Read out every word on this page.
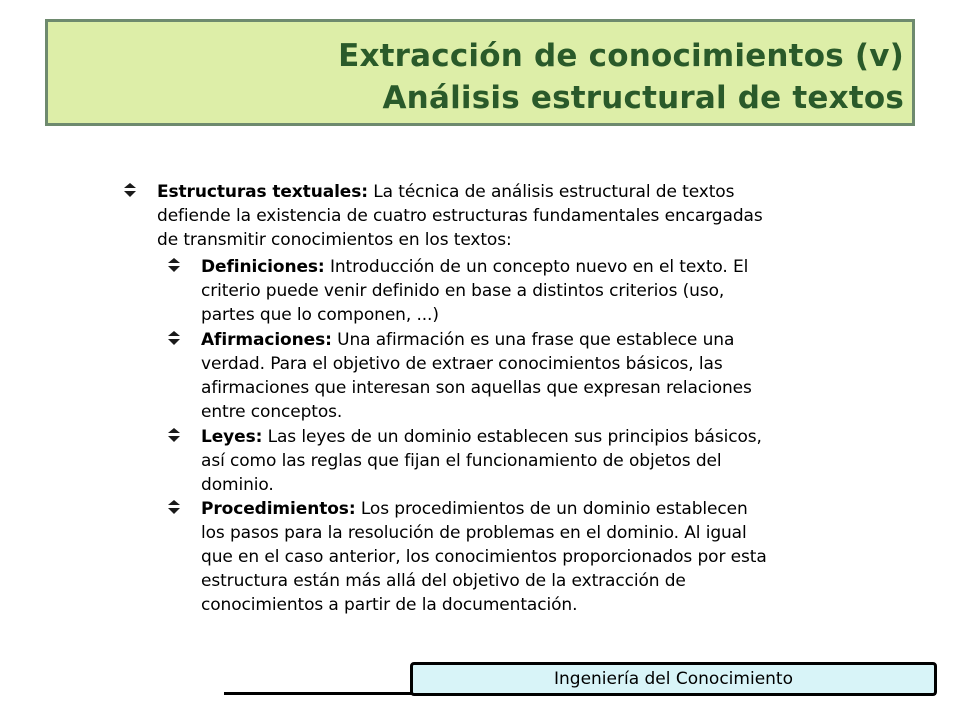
Extracción de conocimientos (v)
Análisis estructural de textos
Estructuras textuales: La técnica de análisis estructural de textos
defiende la existencia de cuatro estructuras fundamentales encargadas
de transmitir conocimientos en los textos:
Definiciones: Introducción de un concepto nuevo en el texto. El
criterio puede venir definido en base a distintos criterios (uso,
partes que lo componen, ...)
Afirmaciones: Una afirmación es una frase que establece una
verdad. Para el objetivo de extraer conocimientos básicos, las
afirmaciones que interesan son aquellas que expresan relaciones
entre conceptos.
Leyes: Las leyes de un dominio establecen sus principios básicos,
así como las reglas que fijan el funcionamiento de objetos del
dominio.
Procedimientos: Los procedimientos de un dominio establecen
los pasos para la resolución de problemas en el dominio. Al igual
que en el caso anterior, los conocimientos proporcionados por esta
estructura están más allá del objetivo de la extracción de
conocimientos a partir de la documentación.
Ingeniería del Conocimiento
